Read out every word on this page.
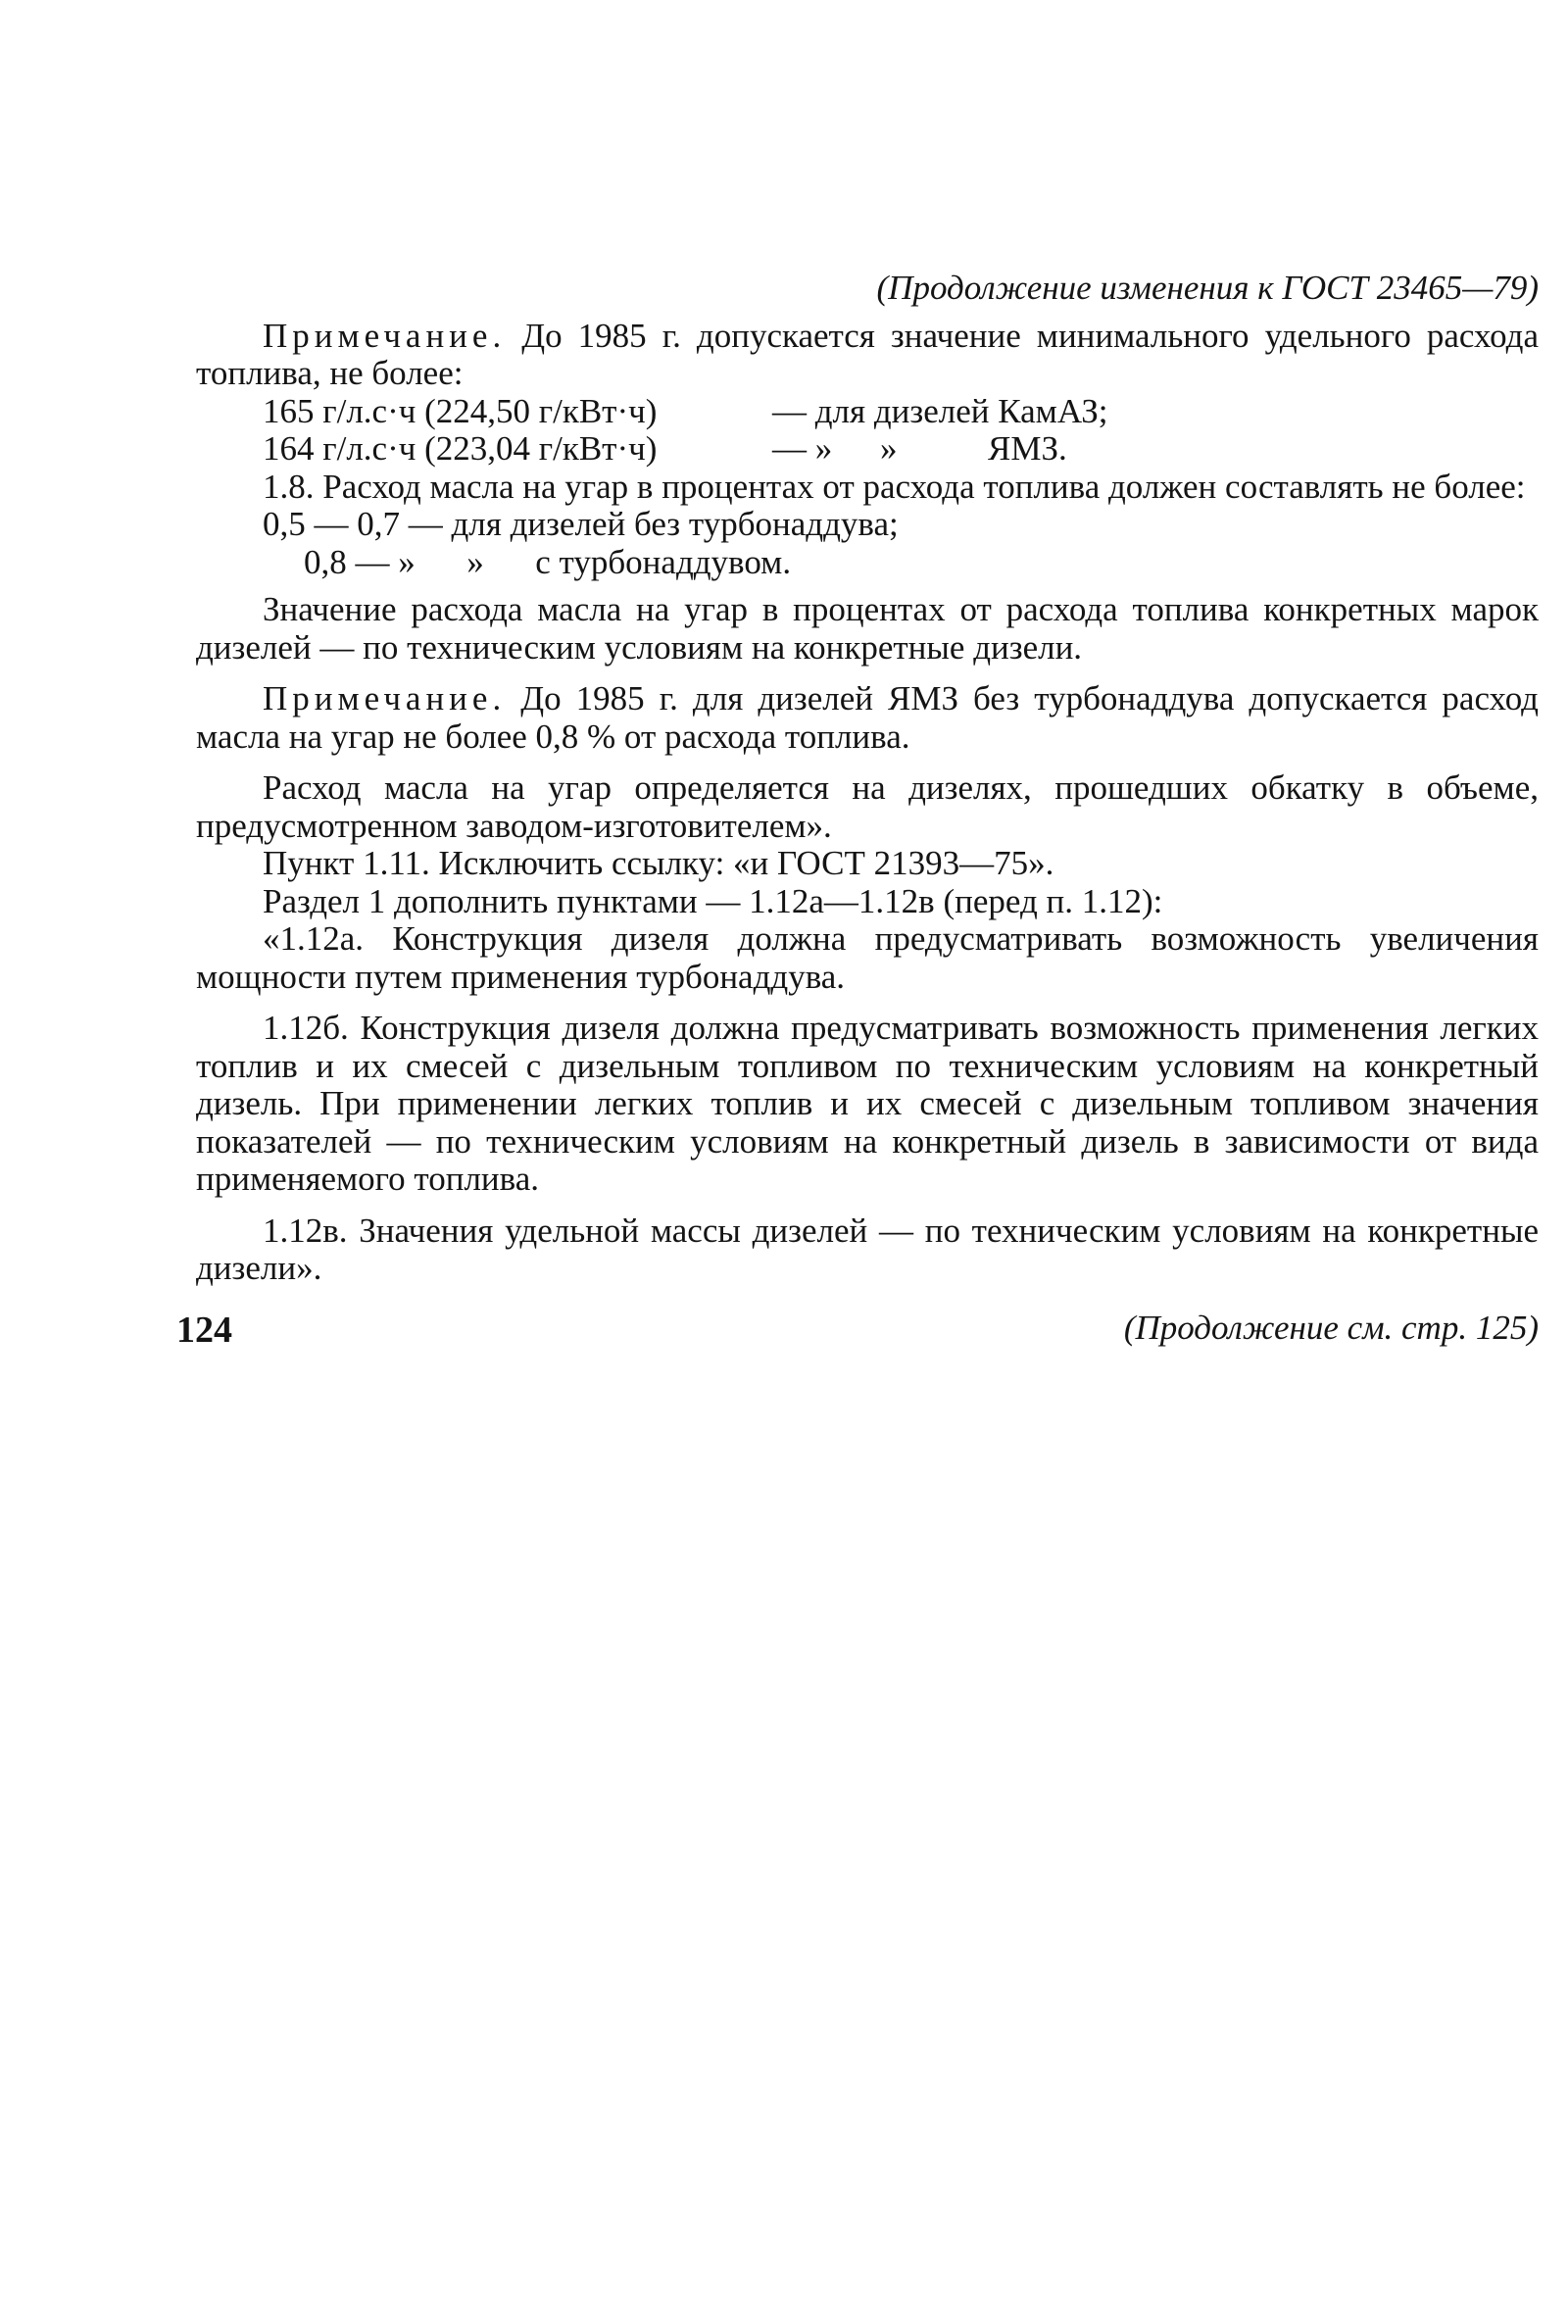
(Продолжение изменения к ГОСТ 23465—79)

Примечание. До 1985 г. допускается значение минимального удельного расхода топлива, не более:

165 г/л.с·ч (224,50 г/кВт·ч)	— для дизелей КамАЗ;

164 г/л.с·ч (223,04 г/кВт·ч)	— »	»	ЯМЗ.

1.8. Расход масла на угар в процентах от расхода топлива должен составлять не более:

0,5 — 0,7 — для дизелей без турбонаддува;

0,8 — »      »      с турбонаддувом.

Значение расхода масла на угар в процентах от расхода топлива конкретных марок дизелей — по техническим условиям на конкретные дизели.

Примечание. До 1985 г. для дизелей ЯМЗ без турбонаддува допускается расход масла на угар не более 0,8 % от расхода топлива.

Расход масла на угар определяется на дизелях, прошедших обкатку в объеме, предусмотренном заводом-изготовителем».

Пункт 1.11. Исключить ссылку: «и ГОСТ 21393—75».

Раздел 1 дополнить пунктами — 1.12а—1.12в (перед п. 1.12):

«1.12а. Конструкция дизеля должна предусматривать возможность увеличения мощности путем применения турбонаддува.

1.12б. Конструкция дизеля должна предусматривать возможность применения легких топлив и их смесей с дизельным топливом по техническим условиям на конкретный дизель. При применении легких топлив и их смесей с дизельным топливом значения показателей — по техническим условиям на конкретный дизель в зависимости от вида применяемого топлива.

1.12в. Значения удельной массы дизелей — по техническим условиям на конкретные дизели».

(Продолжение см. стр. 125)

124
